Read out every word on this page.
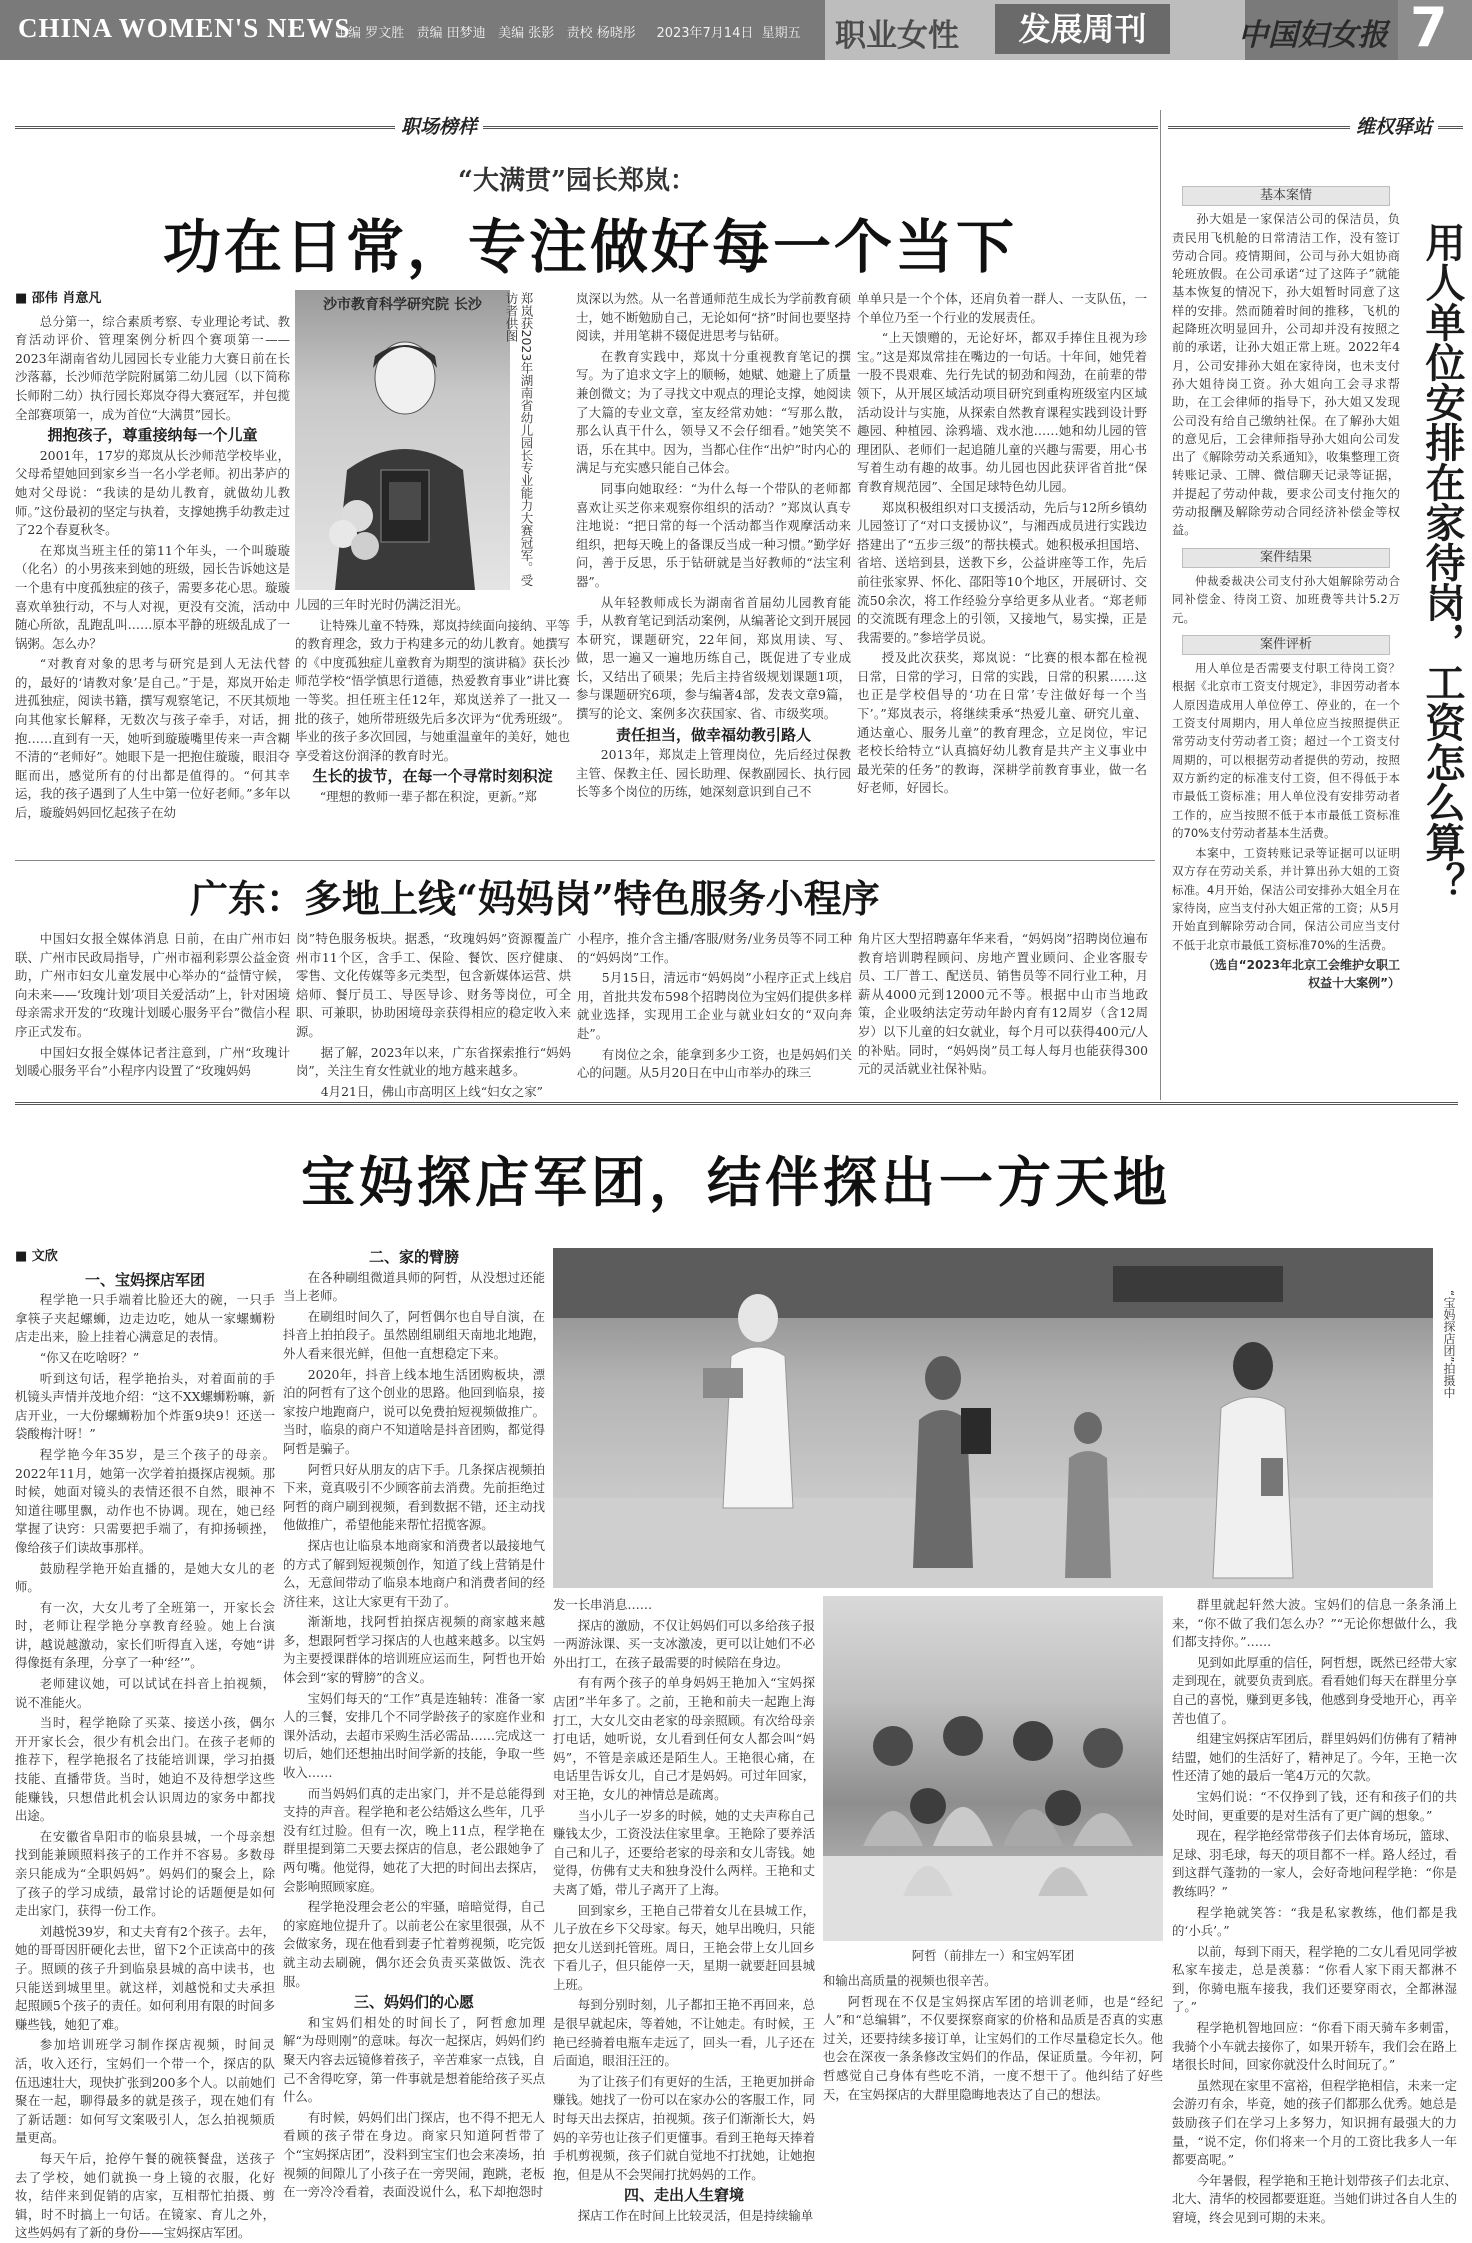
CHINA WOMEN'S NEWS
主编 罗文胜 责编 田梦迪 美编 张影 责校 杨晓彤 2023年7月14日 星期五 职业女性	发展周刊	中国妇女报 7
职场榜样
“大满贯”园长郑岚：
功在日常，专注做好每一个当下

■ 邵伟 肖意凡

总分第一，综合素质考察、专业理论考试、教育活动评价、管理案例分析四个赛项第一——2023年湖南省幼儿园园长专业能力大赛日前在长沙落幕，长沙师范学院附属第二幼儿园（以下简称长师附二幼）执行园长郑岚夺得大赛冠军，并包揽全部赛项第一，成为首位“大满贯”园长。

拥抱孩子，尊重接纳每一个儿童

2001年，17岁的郑岚从长沙师范学校毕业，父母希望她回到家乡当一名小学老师。初出茅庐的她对父母说：“我读的是幼儿教育，就做幼儿教师。”这份最初的坚定与执着，支撑她携手幼教走过了22个春夏秋冬。

在郑岚当班主任的第11个年头，一个叫璇璇（化名）的小男孩来到她的班级，园长告诉她这是一个患有中度孤独症的孩子，需要多花心思。璇璇喜欢单独行动，不与人对视，更没有交流，活动中随心所欲，乱跑乱叫……原本平静的班级乱成了一锅粥。怎么办？

“对教育对象的思考与研究是到人无法代替的，最好的‘请教对象’是自己。”于是，郑岚开始走进孤独症，阅读书籍，撰写观察笔记，不厌其烦地向其他家长解释，无数次与孩子牵手，对话，拥抱……直到有一天，她听到璇璇嘴里传来一声含糊不清的“老师好”。她眼下是一把抱住璇璇，眼泪夺眶而出，感觉所有的付出都是值得的。“何其幸运，我的孩子遇到了人生中第一位好老师。”多年以后，璇璇妈妈回忆起孩子在幼

沙市教育科学研究院 长沙	郑岚获2023年湖南省幼儿园长专业能力大赛冠军。受访者供图

儿园的三年时光时仍满泛泪光。

让特殊儿童不特殊，郑岚持续面向接纳、平等的教育理念，致力于构建多元的幼儿教育。她撰写的《中度孤独症儿童教育为期型的演讲稿》获长沙师范学校“悟学慎思行道德，热爱教育事业”讲比赛一等奖。担任班主任12年，郑岚送养了一批又一批的孩子，她所带班级先后多次评为“优秀班级”。毕业的孩子多次回园，与她重温童年的美好，她也享受着这份润泽的教育时光。

生长的拔节，在每一个寻常时刻积淀

“理想的教师一辈子都在积淀，更新。”郑

岚深以为然。从一名普通师范生成长为学前教育硕士，她不断勉励自己，无论如何“挤”时间也要坚持阅读，并用笔耕不辍促进思考与钻研。

在教育实践中，郑岚十分重视教育笔记的撰写。为了追求文字上的顺畅，她赋、她避上了质量兼创微文；为了寻找文中观点的理论支撑，她阅读了大篇的专业文章，室友经常劝她：“写那么散，那么认真干什么，领导又不会仔细看。”她笑笑不语，乐在其中。因为，当都心住作“出炉”时内心的满足与充实感只能自己体会。

同事向她取经：“为什么每一个带队的老师都喜欢让买芝你来观察你组织的活动？”郑岚认真专注地说：“把日常的每一个活动都当作观摩活动来组织，把每天晚上的备课反当成一种习惯。”勤学好问，善于反思，乐于钻研就是当好教师的“法宝利器”。

从年轻教师成长为湖南省首届幼儿园教育能手，从教育笔记到活动案例，从编著论文到开展园本研究，课题研究，22年间，郑岚用读、写、做，思一遍又一遍地历练自己，既促进了专业成长，又结出了硕果；先后主持省级规划课题1项，参与课题研究6项，参与编著4部，发表文章9篇，撰写的论文、案例多次获国家、省、市级奖项。

责任担当，做幸福幼教引路人

2013年，郑岚走上管理岗位，先后经过保教主管、保教主任、园长助理、保教副园长、执行园长等多个岗位的历练，她深刻意识到自己不

单单只是一个个体，还肩负着一群人、一支队伍，一个单位乃至一个行业的发展责任。

“上天馈赠的，无论好坏，都双手捧住且视为珍宝。”这是郑岚常挂在嘴边的一句话。十年间，她凭着一股不畏艰难、先行先试的韧劲和闯劲，在前辈的带领下，从开展区域活动项目研究到重构班级室内区域活动设计与实施，从探索自然教育课程实践到设计野趣园、种植园、涂鸦墙、戏水池……她和幼儿园的管理团队、老师们一起追随儿童的兴趣与需要，用心书写着生动有趣的故事。幼儿园也因此获评省首批“保育教育规范园”、全国足球特色幼儿园。

郑岚积极组织对口支援活动，先后与12所乡镇幼儿园签订了“对口支援协议”，与湘西成员进行实践边搭建出了“五步三级”的帮扶模式。她积极承担国培、省培、送培到县，送教下乡，公益讲座等工作，先后前往张家界、怀化、邵阳等10个地区，开展研讨、交流50余次，将工作经验分享给更多从业者。“郑老师的交流既有理念上的引领，又接地气，易实操，正是我需要的。”参培学员说。

授及此次获奖，郑岚说：“比赛的根本都在检视日常，日常的学习，日常的实践，日常的积累……这也正是学校倡导的‘功在日常’专注做好每一个当下’。”郑岚表示，将继续秉承“热爱儿童、研究儿童、通达童心、服务儿童”的教育理念，立足岗位，牢记老校长给特立“认真搞好幼儿教育是共产主义事业中最光荣的任务”的教诲，深耕学前教育事业，做一名好老师，好园长。

维权驿站
用人单位安排在家待岗，工资怎么算？
基本案情

孙大姐是一家保洁公司的保洁员，负责民用飞机舱的日常清洁工作，没有签订劳动合同。疫情期间，公司与孙大姐协商轮班放假。在公司承诺“过了这阵子”就能基本恢复的情况下，孙大姐暂时同意了这样的安排。然而随着时间的推移，飞机的起降班次明显回升，公司却并没有按照之前的承诺，让孙大姐正常上班。2022年4月，公司安排孙大姐在家待岗，也未支付孙大姐待岗工资。孙大姐向工会寻求帮助，在工会律师的指导下，孙大姐又发现公司没有给自己缴纳社保。在了解孙大姐的意见后，工会律师指导孙大姐向公司发出了《解除劳动关系通知》，收集整理工资转账记录、工牌、微信聊天记录等证据，并提起了劳动仲裁，要求公司支付拖欠的劳动报酬及解除劳动合同经济补偿金等权益。

案件结果

仲裁委裁决公司支付孙大姐解除劳动合同补偿金、待岗工资、加班费等共计5.2万元。

案件评析

用人单位是否需要支付职工待岗工资？根据《北京市工资支付规定》，非因劳动者本人原因造成用人单位停工、停业的，在一个工资支付周期内，用人单位应当按照提供正常劳动支付劳动者工资；超过一个工资支付周期的，可以根据劳动者提供的劳动，按照双方新约定的标准支付工资，但不得低于本市最低工资标准；用人单位没有安排劳动者工作的，应当按照不低于本市最低工资标准的70%支付劳动者基本生活费。

本案中，工资转账记录等证据可以证明双方存在劳动关系，并计算出孙大姐的工资标准。4月开始，保洁公司安排孙大姐全月在家待岗，应当支付孙大姐正常的工资；从5月开始直到解除劳动合同，保洁公司应当支付不低于北京市最低工资标准70%的生活费。

（选自“2023年北京工会维护女职工权益十大案例”）

广东：多地上线“妈妈岗”特色服务小程序

中国妇女报全媒体消息 日前，在由广州市妇联、广州市民政局指导，广州市福利彩票公益金资助，广州市妇女儿童发展中心举办的“益情守候，向未来——‘玫瑰计划’项目关爱活动”上，针对困境母亲需求开发的“玫瑰计划暖心服务平台”微信小程序正式发布。

中国妇女报全媒体记者注意到，广州“玫瑰计划暖心服务平台”小程序内设置了“玫瑰妈妈

岗”特色服务板块。据悉，“玫瑰妈妈”资源覆盖广州市11个区，含手工、保险、餐饮、医疗健康、零售、文化传媒等多元类型，包含新媒体运营、烘焙师、餐厅员工、导医导诊、财务等岗位，可全职、可兼职，协助困境母亲获得相应的稳定收入来源。

据了解，2023年以来，广东省探索推行“妈妈岗”，关注生育女性就业的地方越来越多。

4月21日，佛山市高明区上线“妇女之家”

小程序，推介含主播/客服/财务/业务员等不同工种的“妈妈岗”工作。

5月15日，清远市“妈妈岗”小程序正式上线启用，首批共发布598个招聘岗位为宝妈们提供多样就业选择，实现用工企业与就业妇女的“双向奔赴”。

有岗位之余，能拿到多少工资，也是妈妈们关心的问题。从5月20日在中山市举办的珠三

角片区大型招聘嘉年华来看，“妈妈岗”招聘岗位遍布教育培训聘程顾问、房地产置业顾问、企业客服专员、工厂普工、配送员、销售员等不同行业工种，月薪从4000元到12000元不等。根据中山市当地政策，企业吸纳法定劳动年龄内育有12周岁（含12周岁）以下儿童的妇女就业，每个月可以获得400元/人的补贴。同时，“妈妈岗”员工每人每月也能获得300元的灵活就业社保补贴。

宝妈探店军团，结伴探出一方天地

■ 文欣

一、宝妈探店军团

程学艳一只手端着比脸还大的碗，一只手拿筷子夹起螺蛳，边走边吃，她从一家螺蛳粉店走出来，脸上挂着心满意足的表情。

“你又在吃啥呀？”

听到这句话，程学艳抬头，对着面前的手机镜头声情并茂地介绍：“这不XX螺蛳粉嘛，新店开业，一大份螺蛳粉加个炸蛋9块9！还送一袋酸梅汁呀！”

程学艳今年35岁，是三个孩子的母亲。2022年11月，她第一次学着拍摄探店视频。那时候，她面对镜头的表情还很不自然，眼神不知道往哪里飘，动作也不协调。现在，她已经掌握了诀窍：只需要把手端了，有抑扬顿挫，像给孩子们读故事那样。

鼓励程学艳开始直播的，是她大女儿的老师。

有一次，大女儿考了全班第一，开家长会时，老师让程学艳分享教育经验。她上台演讲，越说越激动，家长们听得直入迷，夸她“讲得像挺有条理，分享了一种‘经’”。

老师建议她，可以试试在抖音上拍视频，说不准能火。

当时，程学艳除了买菜、接送小孩，偶尔开开家长会，很少有机会出门。在孩子老师的推荐下，程学艳报名了技能培训课，学习拍摄技能、直播带货。当时，她迫不及待想学这些能赚钱，只想借此机会认识周边的家务中都找出途。

在安徽省阜阳市的临泉县城，一个母亲想找到能兼顾照料孩子的工作并不容易。多数母亲只能成为“全职妈妈”。妈妈们的聚会上，除了孩子的学习成绩，最常讨论的话题便是如何走出家门，获得一份工作。

刘越悦39岁，和丈夫育有2个孩子。去年，她的哥哥因肝硬化去世，留下2个正读高中的孩子。照顾的孩子升到临泉县城的高中读书，也只能送到城里里。就这样，刘越悦和丈夫承担起照顾5个孩子的责任。如何利用有限的时间多赚些钱，她犯了难。

参加培训班学习制作探店视频，时间灵活，收入还行，宝妈们一个带一个，探店的队伍迅速壮大，现快扩张到200多个人。以前她们聚在一起，聊得最多的就是孩子，现在她们有了新话题：如何写文案吸引人，怎么拍视频质量更高。

每天午后，抢停午餐的碗筷餐盘，送孩子去了学校，她们就换一身上镜的衣服，化好妆，结伴来到促销的店家，互相帮忙拍摄、剪辑，时不时搞上一句话。在镜家、育儿之外，这些妈妈有了新的身份——宝妈探店军团。

二、家的臂膀

在各种刷组微道具师的阿哲，从没想过还能当上老师。

在刷组时间久了，阿哲偶尔也自导自演，在抖音上拍拍段子。虽然剧组刷组天南地北地跑，外人看来很光鲜，但他一直想稳定下来。

2020年，抖音上线本地生活团购板块，漂泊的阿哲有了这个创业的思路。他回到临泉，接家按户地跑商户，说可以免费拍短视频做推广。当时，临泉的商户不知道啥是抖音团购，都觉得阿哲是骗子。

阿哲只好从朋友的店下手。几条探店视频拍下来，竟真吸引不少顾客前去消费。先前拒绝过阿哲的商户刷到视频，看到数据不错，还主动找他做推广，希望他能来帮忙招揽客源。

探店也让临泉本地商家和消费者以最接地气的方式了解到短视频创作，知道了线上营销是什么，无意间带动了临泉本地商户和消费者间的经济往来，这让大家更有干劲了。

渐渐地，找阿哲拍探店视频的商家越来越多，想跟阿哲学习探店的人也越来越多。以宝妈为主要授课群体的培训班应运而生，阿哲也开始体会到“家的臂膀”的含义。

宝妈们每天的“工作”真是连轴转：准备一家人的三餐，安排几个不同学龄孩子的家庭作业和课外活动，去超市采购生活必需品……完成这一切后，她们还想抽出时间学新的技能，争取一些收入……

而当妈妈们真的走出家门，并不是总能得到支持的声音。程学艳和老公结婚这么些年，几乎没有红过脸。但有一次，晚上11点，程学艳在群里提到第二天要去探店的信息，老公跟她争了两句嘴。他觉得，她花了大把的时间出去探店，会影响照顾家庭。

程学艳没理会老公的牢骚，暗暗觉得，自己的家庭地位提升了。以前老公在家里很强，从不会做家务，现在他看到妻子忙着剪视频，吃完饭就主动去刷碗，偶尔还会负责买菜做饭、洗衣服。

三、妈妈们的心愿

和宝妈们相处的时间长了，阿哲愈加理解“为母则刚”的意味。每次一起探店，妈妈们约聚天内容去远镜修着孩子，辛苦难家一点钱，自己不舍得吃穿，第一件事就是想着能给孩子买点什么。

有时候，妈妈们出门探店，也不得不把无人看顾的孩子带在身边。商家只知道阿哲带了个“宝妈探店团”，没料到宝宝们也会来凑场，拍视频的间隙儿了小孩子在一旁哭闹，跑跳，老板在一旁冷冷看着，表面没说什么，私下却抱怨时

“宝妈探店团”拍摄中

发一长串消息……

探店的激励，不仅让妈妈们可以多给孩子报一两游泳课、买一支冰激凌，更可以让她们不必外出打工，在孩子最需要的时候陪在身边。

有有两个孩子的单身妈妈王艳加入“宝妈探店团”半年多了。之前，王艳和前夫一起跑上海打工，大女儿交由老家的母亲照顾。有次给母亲打电话，她听说，女儿看到任何女人都会叫“妈妈”，不管是亲戚还是陌生人。王艳很心痛，在电话里告诉女儿，自己才是妈妈。可过年回家，对王艳，女儿的神情总是疏离。

当小儿子一岁多的时候，她的丈夫声称自己赚钱太少，工资没法住家里拿。王艳除了要养活自己和儿子，还要给老家的母亲和女儿寄钱。她觉得，仿佛有丈夫和独身没什么两样。王艳和丈夫离了婚，带儿子离开了上海。

回到家乡，王艳自己带着女儿在县城工作，儿子放在乡下父母家。每天，她早出晚归，只能把女儿送到托管班。周日，王艳会带上女儿回乡下看儿子，但只能停一天，星期一就要赶回县城上班。

每到分别时刻，儿子都扣王艳不再回来，总是很早就起床，等着她，不让她走。有时候，王艳已经骑着电瓶车走远了，回头一看，儿子还在后面追，眼泪汪汪的。

为了让孩子们有更好的生活，王艳更加拼命赚钱。她找了一份可以在家办公的客服工作，同时每天出去探店，拍视频。孩子们渐渐长大，妈妈的辛劳也让孩子们更懂事。看到王艳每天捧着手机剪视频，孩子们就自觉地不打扰她，让她抱抱，但是从不会哭闹打扰妈妈的工作。

四、走出人生窘境

探店工作在时间上比较灵活，但是持续输单

阿哲（前排左一）和宝妈军团

和输出高质量的视频也很辛苦。

阿哲现在不仅是宝妈探店军团的培训老师，也是“经纪人”和“总编辑”，不仅要探察商家的价格和品质是否真的实惠过关，还要持续多接订单，让宝妈们的工作尽量稳定长久。他也会在深夜一条条修改宝妈们的作品，保证质量。今年初，阿哲感觉自己身体有些吃不消，一度不想干了。他纠结了好些天，在宝妈探店的大群里隐晦地表达了自己的想法。

群里就起轩然大波。宝妈们的信息一条条涌上来，“你不做了我们怎么办？”“无论你想做什么，我们都支持你。”……

见到如此厚重的信任，阿哲想，既然已经带大家走到现在，就要负责到底。看看她们每天在群里分享自己的喜悦，赚到更多钱，他感到身受地开心，再辛苦也值了。

组建宝妈探店军团后，群里妈妈们仿佛有了精神结盟，她们的生活好了，精神足了。今年，王艳一次性还清了她的最后一笔4万元的欠款。

宝妈们说：“不仅挣到了钱，还有和孩子们的共处时间，更重要的是对生活有了更广阔的想象。”

现在，程学艳经常带孩子们去体育场玩，篮球、足球、羽毛球，每天的项目都不一样。路人经过，看到这群气蓬勃的一家人，会好奇地问程学艳：“你是教练吗？”

程学艳就笑答：“我是私家教练，他们都是我的‘小兵’。”

以前，每到下雨天，程学艳的二女儿看见同学被私家车接走，总是羡慕：“你看人家下雨天都淋不到，你骑电瓶车接我，我们还要穿雨衣，全都淋湿了。”

程学艳机智地回应：“你看下雨天骑车多刺雷，我骑个小车就去接你了，如果开轿车，我们会在路上堵很长时间，回家你就没什么时间玩了。”

虽然现在家里不富裕，但程学艳相信，未来一定会游刃有余，毕竟，她的孩子们都那么优秀。她总是鼓励孩子们在学习上多努力，知识拥有最强大的力量，“说不定，你们将来一个月的工资比我多人一年都要高呢。”

今年暑假，程学艳和王艳计划带孩子们去北京、北大、清华的校园都要逛逛。当她们讲过各自人生的窘境，终会见到可期的未来。
